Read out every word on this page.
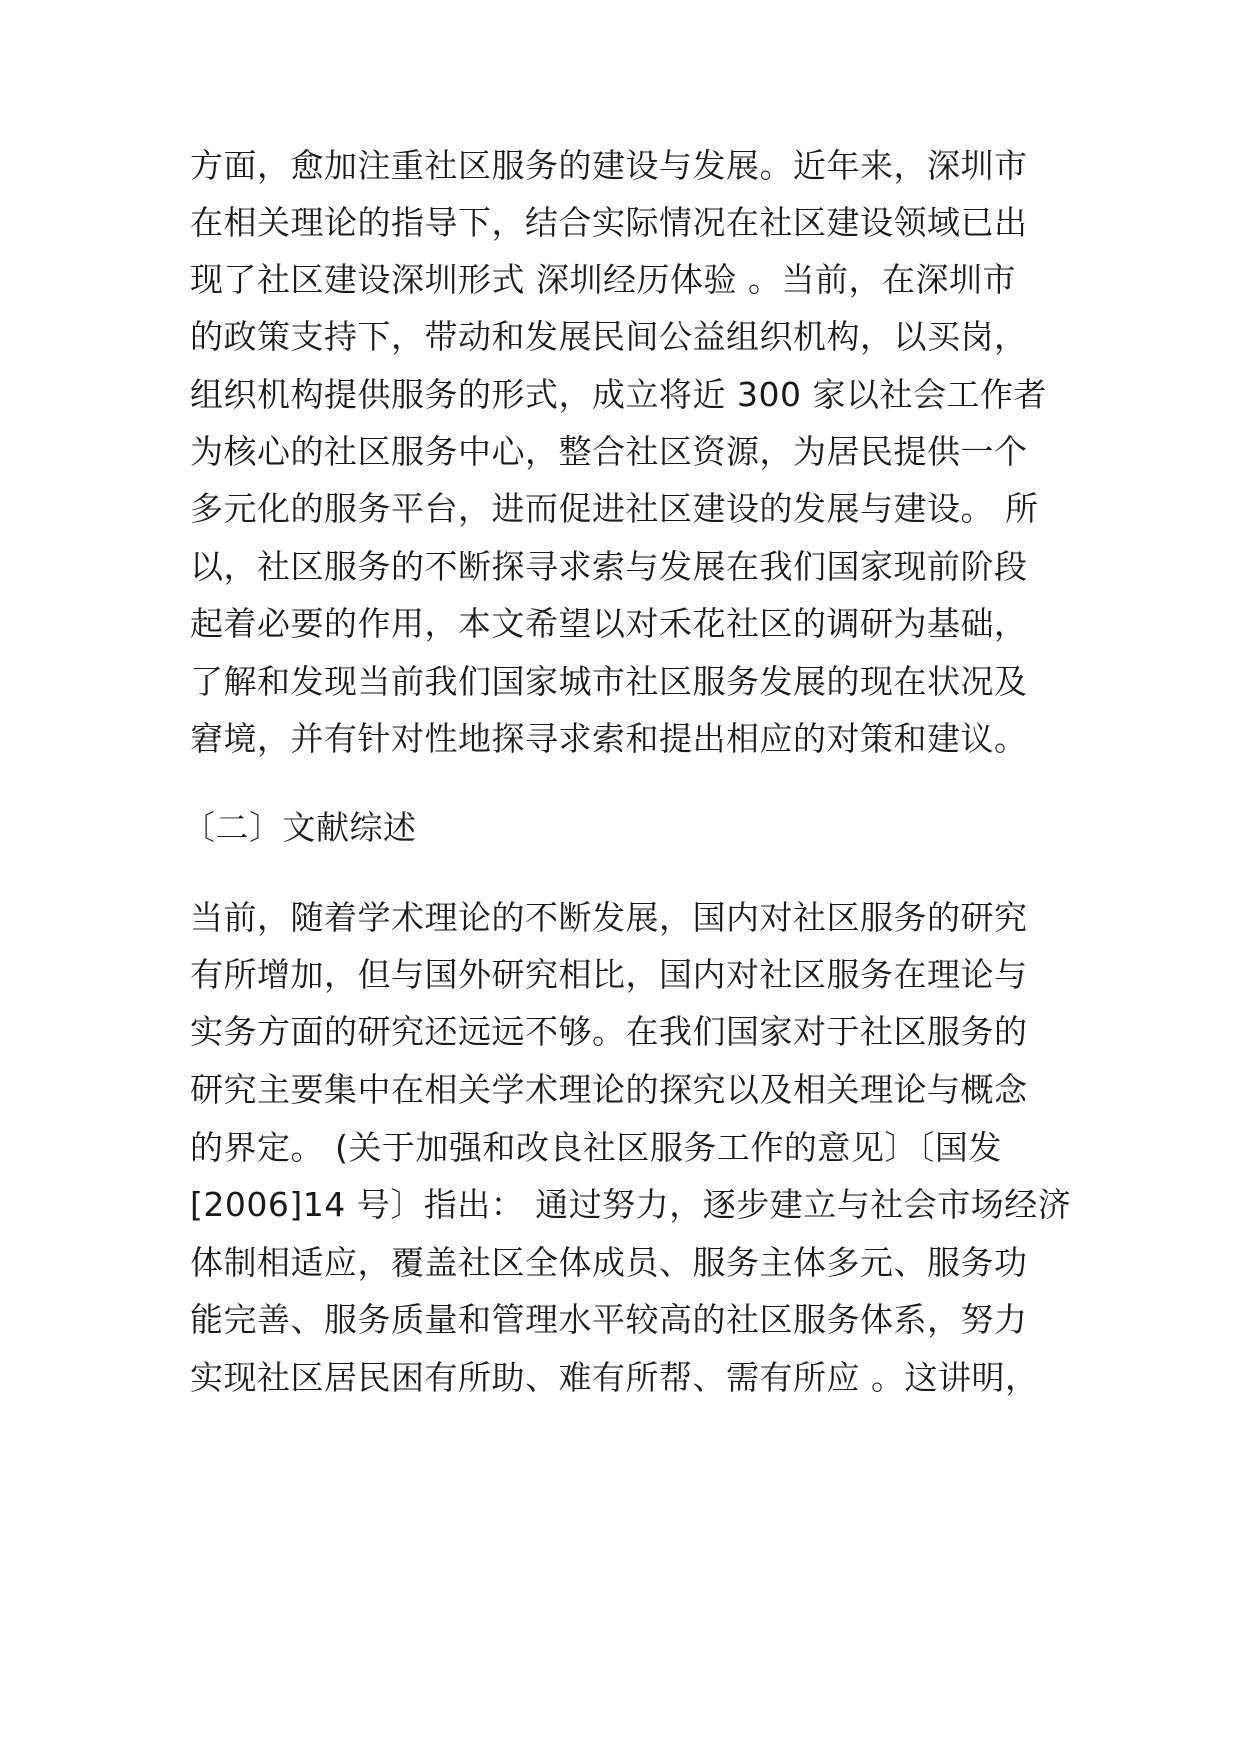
方面，愈加注重社区服务的建设与发展。近年来，深圳市
在相关理论的指导下，结合实际情况在社区建设领域已出
现了社区建设深圳形式 深圳经历体验 。当前，在深圳市
的政策支持下，带动和发展民间公益组织机构，以买岗，
组织机构提供服务的形式，成立将近 300 家以社会工作者
为核心的社区服务中心，整合社区资源，为居民提供一个
多元化的服务平台，进而促进社区建设的发展与建设。 所
以，社区服务的不断探寻求索与发展在我们国家现前阶段
起着必要的作用，本文希望以对禾花社区的调研为基础，
了解和发现当前我们国家城市社区服务发展的现在状况及
窘境，并有针对性地探寻求索和提出相应的对策和建议。
〔二〕文献综述
当前，随着学术理论的不断发展，国内对社区服务的研究
有所增加，但与国外研究相比，国内对社区服务在理论与
实务方面的研究还远远不够。在我们国家对于社区服务的
研究主要集中在相关学术理论的探究以及相关理论与概念
的界定。 (关于加强和改良社区服务工作的意见〕〔国发
[2006]14 号〕指出： 通过努力，逐步建立与社会市场经济
体制相适应，覆盖社区全体成员、服务主体多元、服务功
能完善、服务质量和管理水平较高的社区服务体系，努力
实现社区居民困有所助、难有所帮、需有所应 。这讲明，
